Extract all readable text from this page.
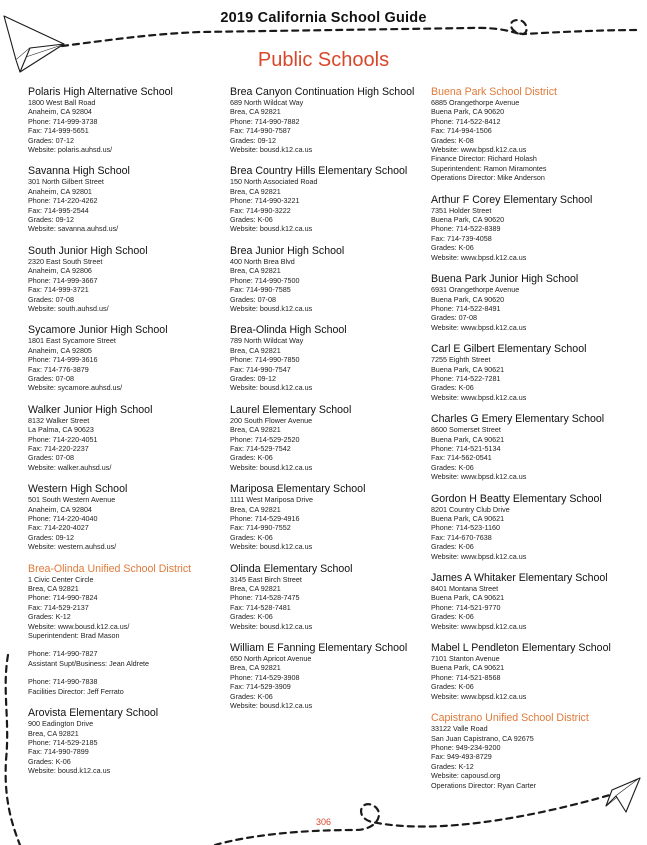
2019 California School Guide
Public Schools
Polaris High Alternative School
1800 West Ball Road
Anaheim, CA 92804
Phone: 714-999-3738
Fax: 714-999-5651
Grades: 07-12
Website: polaris.auhsd.us/
Savanna High School
301 North Gilbert Street
Anaheim, CA 92801
Phone: 714-220-4262
Fax: 714-995-2544
Grades: 09-12
Website: savanna.auhsd.us/
South Junior High School
2320 East South Street
Anaheim, CA 92806
Phone: 714-999-3667
Fax: 714-999-3721
Grades: 07-08
Website: south.auhsd.us/
Sycamore Junior High School
1801 East Sycamore Street
Anaheim, CA 92805
Phone: 714-999-3616
Fax: 714-776-3879
Grades: 07-08
Website: sycamore.auhsd.us/
Walker Junior High School
8132 Walker Street
La Palma, CA 90623
Phone: 714-220-4051
Fax: 714-220-2237
Grades: 07-08
Website: walker.auhsd.us/
Western High School
501 South Western Avenue
Anaheim, CA 92804
Phone: 714-220-4040
Fax: 714-220-4027
Grades: 09-12
Website: western.auhsd.us/
Brea-Olinda Unified School District
1 Civic Center Circle
Brea, CA 92821
Phone: 714-990-7824
Fax: 714-529-2137
Grades: K-12
Website: www.bousd.k12.ca.us/
Superintendent: Brad Mason
Phone: 714-990-7827
Assistant Supt/Business: Jean Aldrete
Phone: 714-990-7838
Facilities Director: Jeff Ferrato
Arovista Elementary School
900 Eadington Drive
Brea, CA 92821
Phone: 714-529-2185
Fax: 714-990-7899
Grades: K-06
Website: bousd.k12.ca.us
Brea Canyon Continuation High School
689 North Wildcat Way
Brea, CA 92821
Phone: 714-990-7882
Fax: 714-990-7587
Grades: 09-12
Website: bousd.k12.ca.us
Brea Country Hills Elementary School
150 North Associated Road
Brea, CA 92821
Phone: 714-990-3221
Fax: 714-990-3222
Grades: K-06
Website: bousd.k12.ca.us
Brea Junior High School
400 North Brea Blvd
Brea, CA 92821
Phone: 714-990-7500
Fax: 714-990-7585
Grades: 07-08
Website: bousd.k12.ca.us
Brea-Olinda High School
789 North Wildcat Way
Brea, CA 92821
Phone: 714-990-7850
Fax: 714-990-7547
Grades: 09-12
Website: bousd.k12.ca.us
Laurel Elementary School
200 South Flower Avenue
Brea, CA 92821
Phone: 714-529-2520
Fax: 714-529-7542
Grades: K-06
Website: bousd.k12.ca.us
Mariposa Elementary School
1111 West Mariposa Drive
Brea, CA 92821
Phone: 714-529-4916
Fax: 714-990-7552
Grades: K-06
Website: bousd.k12.ca.us
Olinda Elementary School
3145 East Birch Street
Brea, CA 92821
Phone: 714-528-7475
Fax: 714-528-7481
Grades: K-06
Website: bousd.k12.ca.us
William E Fanning Elementary School
650 North Apricot Avenue
Brea, CA 92821
Phone: 714-529-3908
Fax: 714-529-3909
Grades: K-06
Website: bousd.k12.ca.us
Buena Park School District
6885 Orangethorpe Avenue
Buena Park, CA 90620
Phone: 714-522-8412
Fax: 714-994-1506
Grades: K-08
Website: www.bpsd.k12.ca.us
Finance Director: Richard Holash
Superintendent: Ramon Miramontes
Operations Director: Mike Anderson
Arthur F Corey Elementary School
7351 Holder Street
Buena Park, CA 90620
Phone: 714-522-8389
Fax: 714-739-4058
Grades: K-06
Website: www.bpsd.k12.ca.us
Buena Park Junior High School
6931 Orangethorpe Avenue
Buena Park, CA 90620
Phone: 714-522-8491
Grades: 07-08
Website: www.bpsd.k12.ca.us
Carl E Gilbert Elementary School
7255 Eighth Street
Buena Park, CA 90621
Phone: 714-522-7281
Grades: K-06
Website: www.bpsd.k12.ca.us
Charles G Emery Elementary School
8600 Somerset Street
Buena Park, CA 90621
Phone: 714-521-5134
Fax: 714-562-0541
Grades: K-06
Website: www.bpsd.k12.ca.us
Gordon H Beatty Elementary School
8201 Country Club Drive
Buena Park, CA 90621
Phone: 714-523-1160
Fax: 714-670-7638
Grades: K-06
Website: www.bpsd.k12.ca.us
James A Whitaker Elementary School
8401 Montana Street
Buena Park, CA 90621
Phone: 714-521-9770
Grades: K-06
Website: www.bpsd.k12.ca.us
Mabel L Pendleton Elementary School
7101 Stanton Avenue
Buena Park, CA 90621
Phone: 714-521-8568
Grades: K-06
Website: www.bpsd.k12.ca.us
Capistrano Unified School District
33122 Valle Road
San Juan Capistrano, CA 92675
Phone: 949-234-9200
Fax: 949-493-8729
Grades: K-12
Website: capousd.org
Operations Director: Ryan Carter
306
